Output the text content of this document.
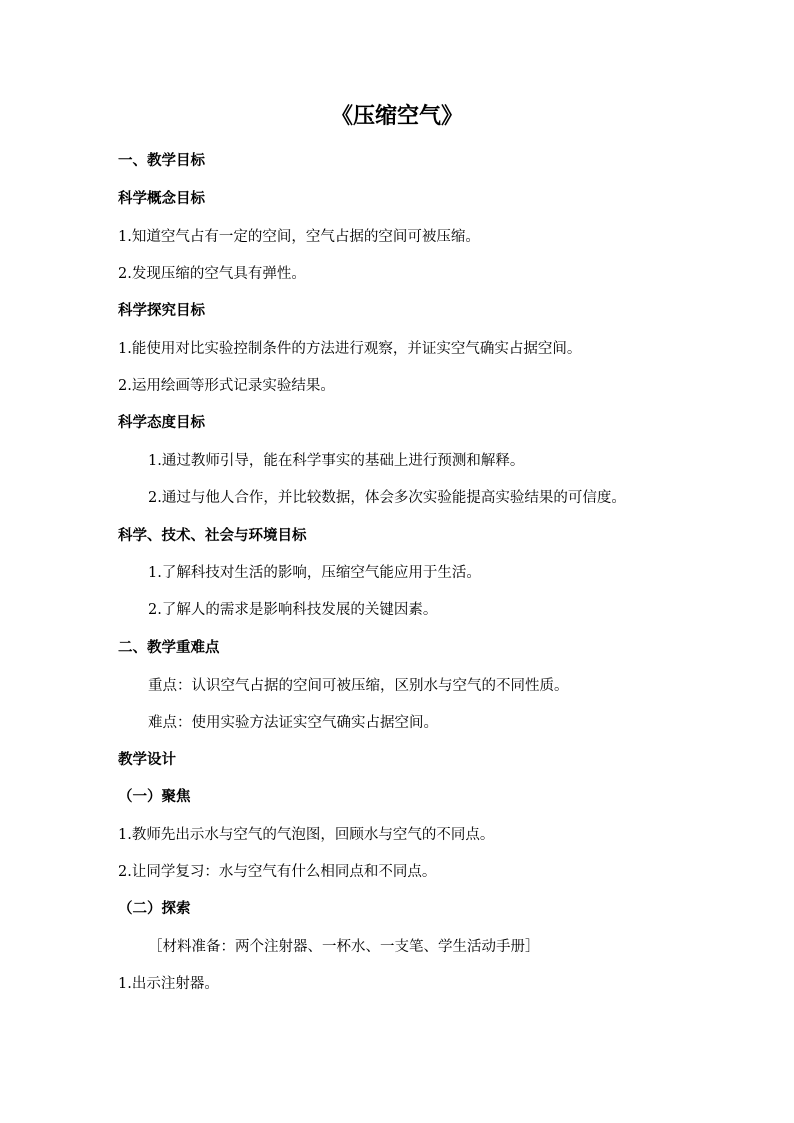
《压缩空气》

一、教学目标

科学概念目标

1.知道空气占有一定的空间，空气占据的空间可被压缩。

2.发现压缩的空气具有弹性。

科学探究目标

1.能使用对比实验控制条件的方法进行观察，并证实空气确实占据空间。

2.运用绘画等形式记录实验结果。

科学态度目标

1.通过教师引导，能在科学事实的基础上进行预测和解释。

2.通过与他人合作，并比较数据，体会多次实验能提高实验结果的可信度。

科学、技术、社会与环境目标

1.了解科技对生活的影响，压缩空气能应用于生活。

2.了解人的需求是影响科技发展的关键因素。

二、教学重难点

重点：认识空气占据的空间可被压缩，区别水与空气的不同性质。

难点：使用实验方法证实空气确实占据空间。

教学设计

（一）聚焦

1.教师先出示水与空气的气泡图，回顾水与空气的不同点。

2.让同学复习：水与空气有什么相同点和不同点。

（二）探索

［材料准备：两个注射器、一杯水、一支笔、学生活动手册］

1.出示注射器。
